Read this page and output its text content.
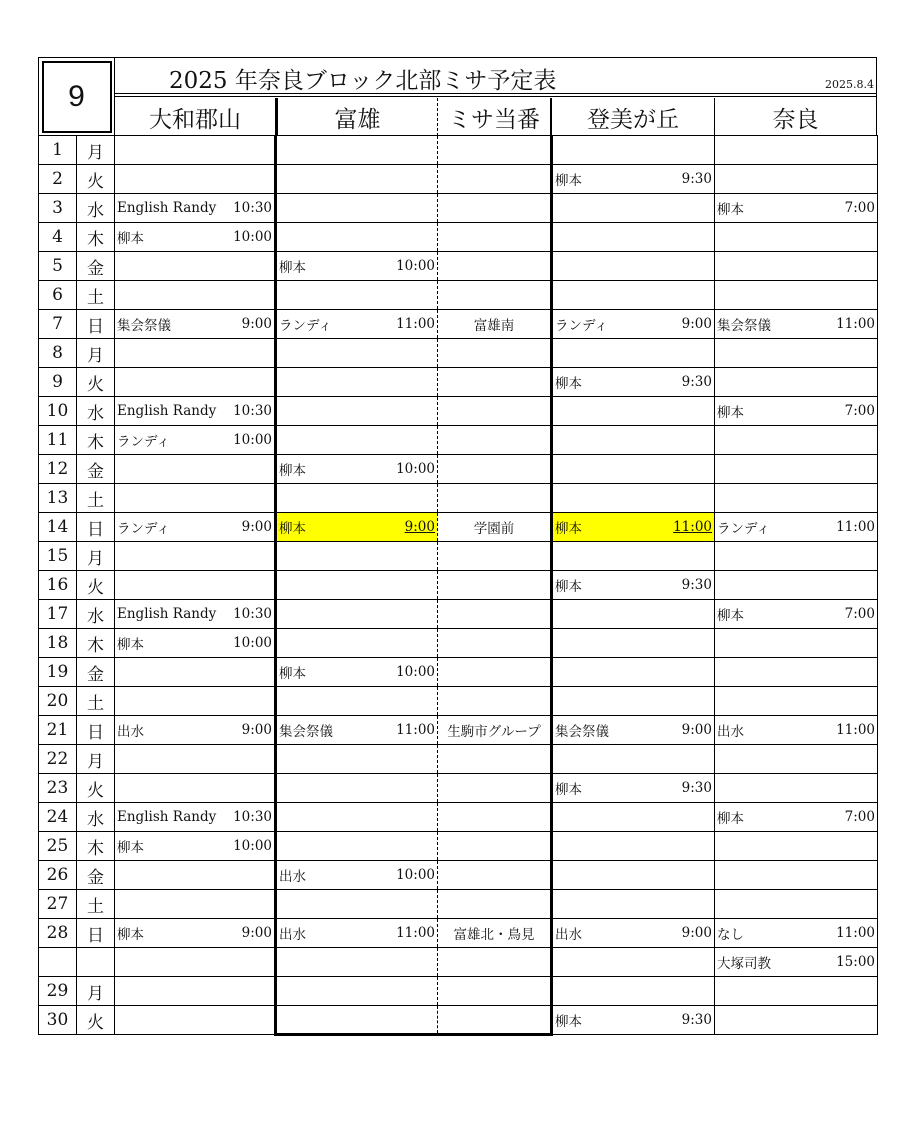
9	2025 年奈良ブロック北部ミサ予定表	2025.8.4
大和郡山	富雄	ミサ当番	登美が丘	奈良
1	月					
2	火				柳本 9:30	

3	水	English Randy 10:30				柳本 7:00

4	木	柳本 10:00				

5	金		柳本 10:00			

6	土					
7	日	集会祭儀 9:00	ランディ 11:00	富雄南	ランディ 9:00	集会祭儀 11:00

8	月					
9	火				柳本 9:30	

10	水	English Randy 10:30				柳本 7:00

11	木	ランディ 10:00				

12	金		柳本 10:00			

13	土					
14	日	ランディ 9:00	柳本 9:00	学園前	柳本 11:00	ランディ 11:00

15	月					
16	火				柳本 9:30	

17	水	English Randy 10:30				柳本 7:00

18	木	柳本 10:00				

19	金		柳本 10:00			

20	土					
21	日	出水 9:00	集会祭儀 11:00	生駒市グループ	集会祭儀 9:00	出水 11:00

22	月					
23	火				柳本 9:30	

24	水	English Randy 10:30				柳本 7:00

25	木	柳本 10:00				

26	金		出水 10:00			

27	土					
28	日	柳本 9:00	出水 11:00	富雄北・鳥見	出水 9:00	なし 11:00

						大塚司教 15:00

29	月					
30	火				柳本 9:30	
